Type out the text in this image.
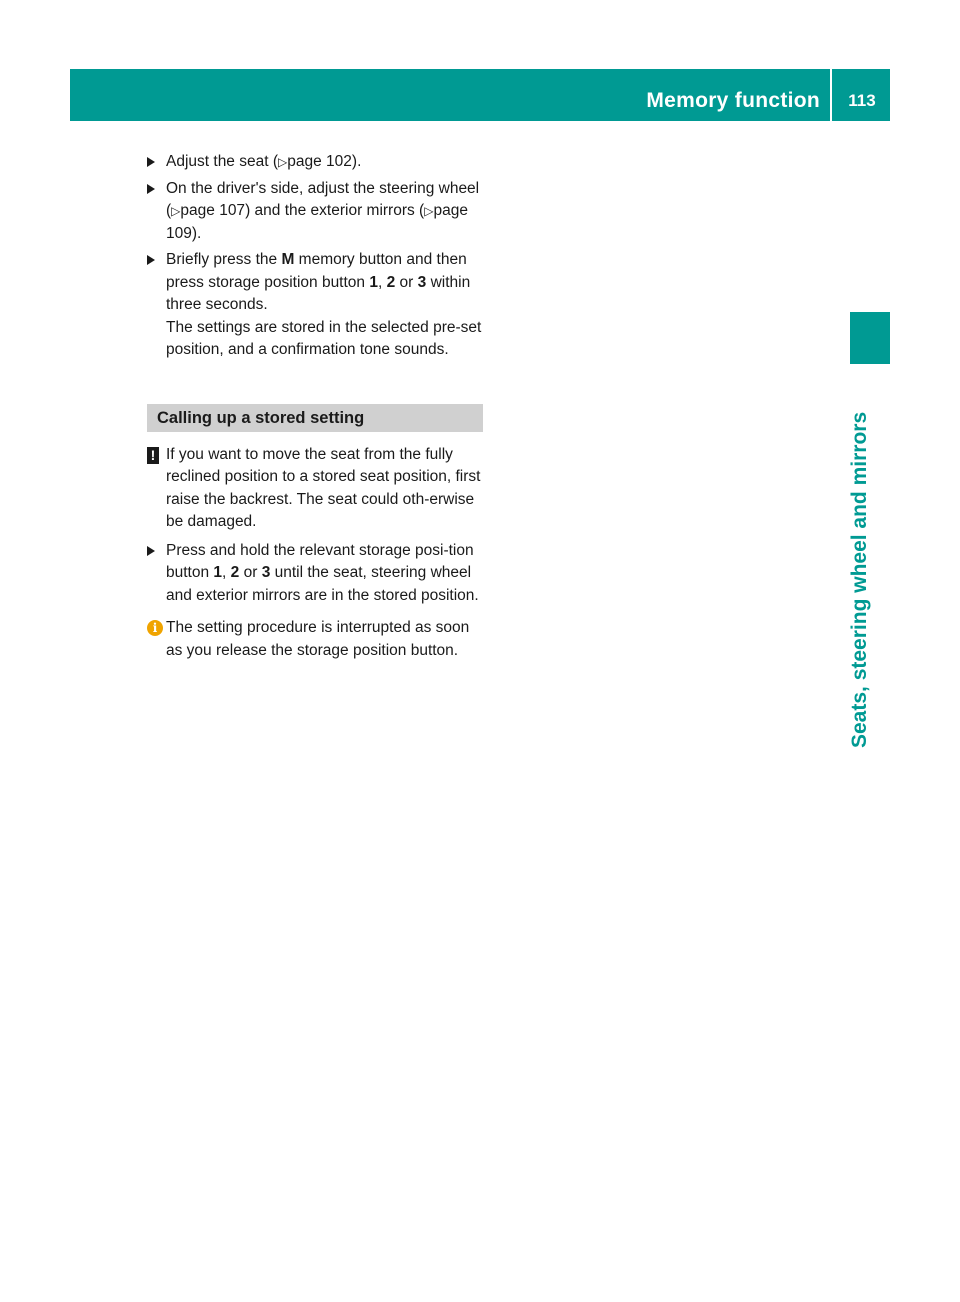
Memory function	113
Seats, steering wheel and mirrors
Adjust the seat (▷page 102).
On the driver's side, adjust the steering wheel (▷page 107) and the exterior mirrors (▷page 109).
Briefly press the M memory button and then press storage position button 1, 2 or 3 within three seconds.
The settings are stored in the selected pre-set position, and a confirmation tone sounds.
Calling up a stored setting
! If you want to move the seat from the fully reclined position to a stored seat position, first raise the backrest. The seat could oth-erwise be damaged.
Press and hold the relevant storage posi-tion button 1, 2 or 3 until the seat, steering wheel and exterior mirrors are in the stored position.
i The setting procedure is interrupted as soon as you release the storage position button.
